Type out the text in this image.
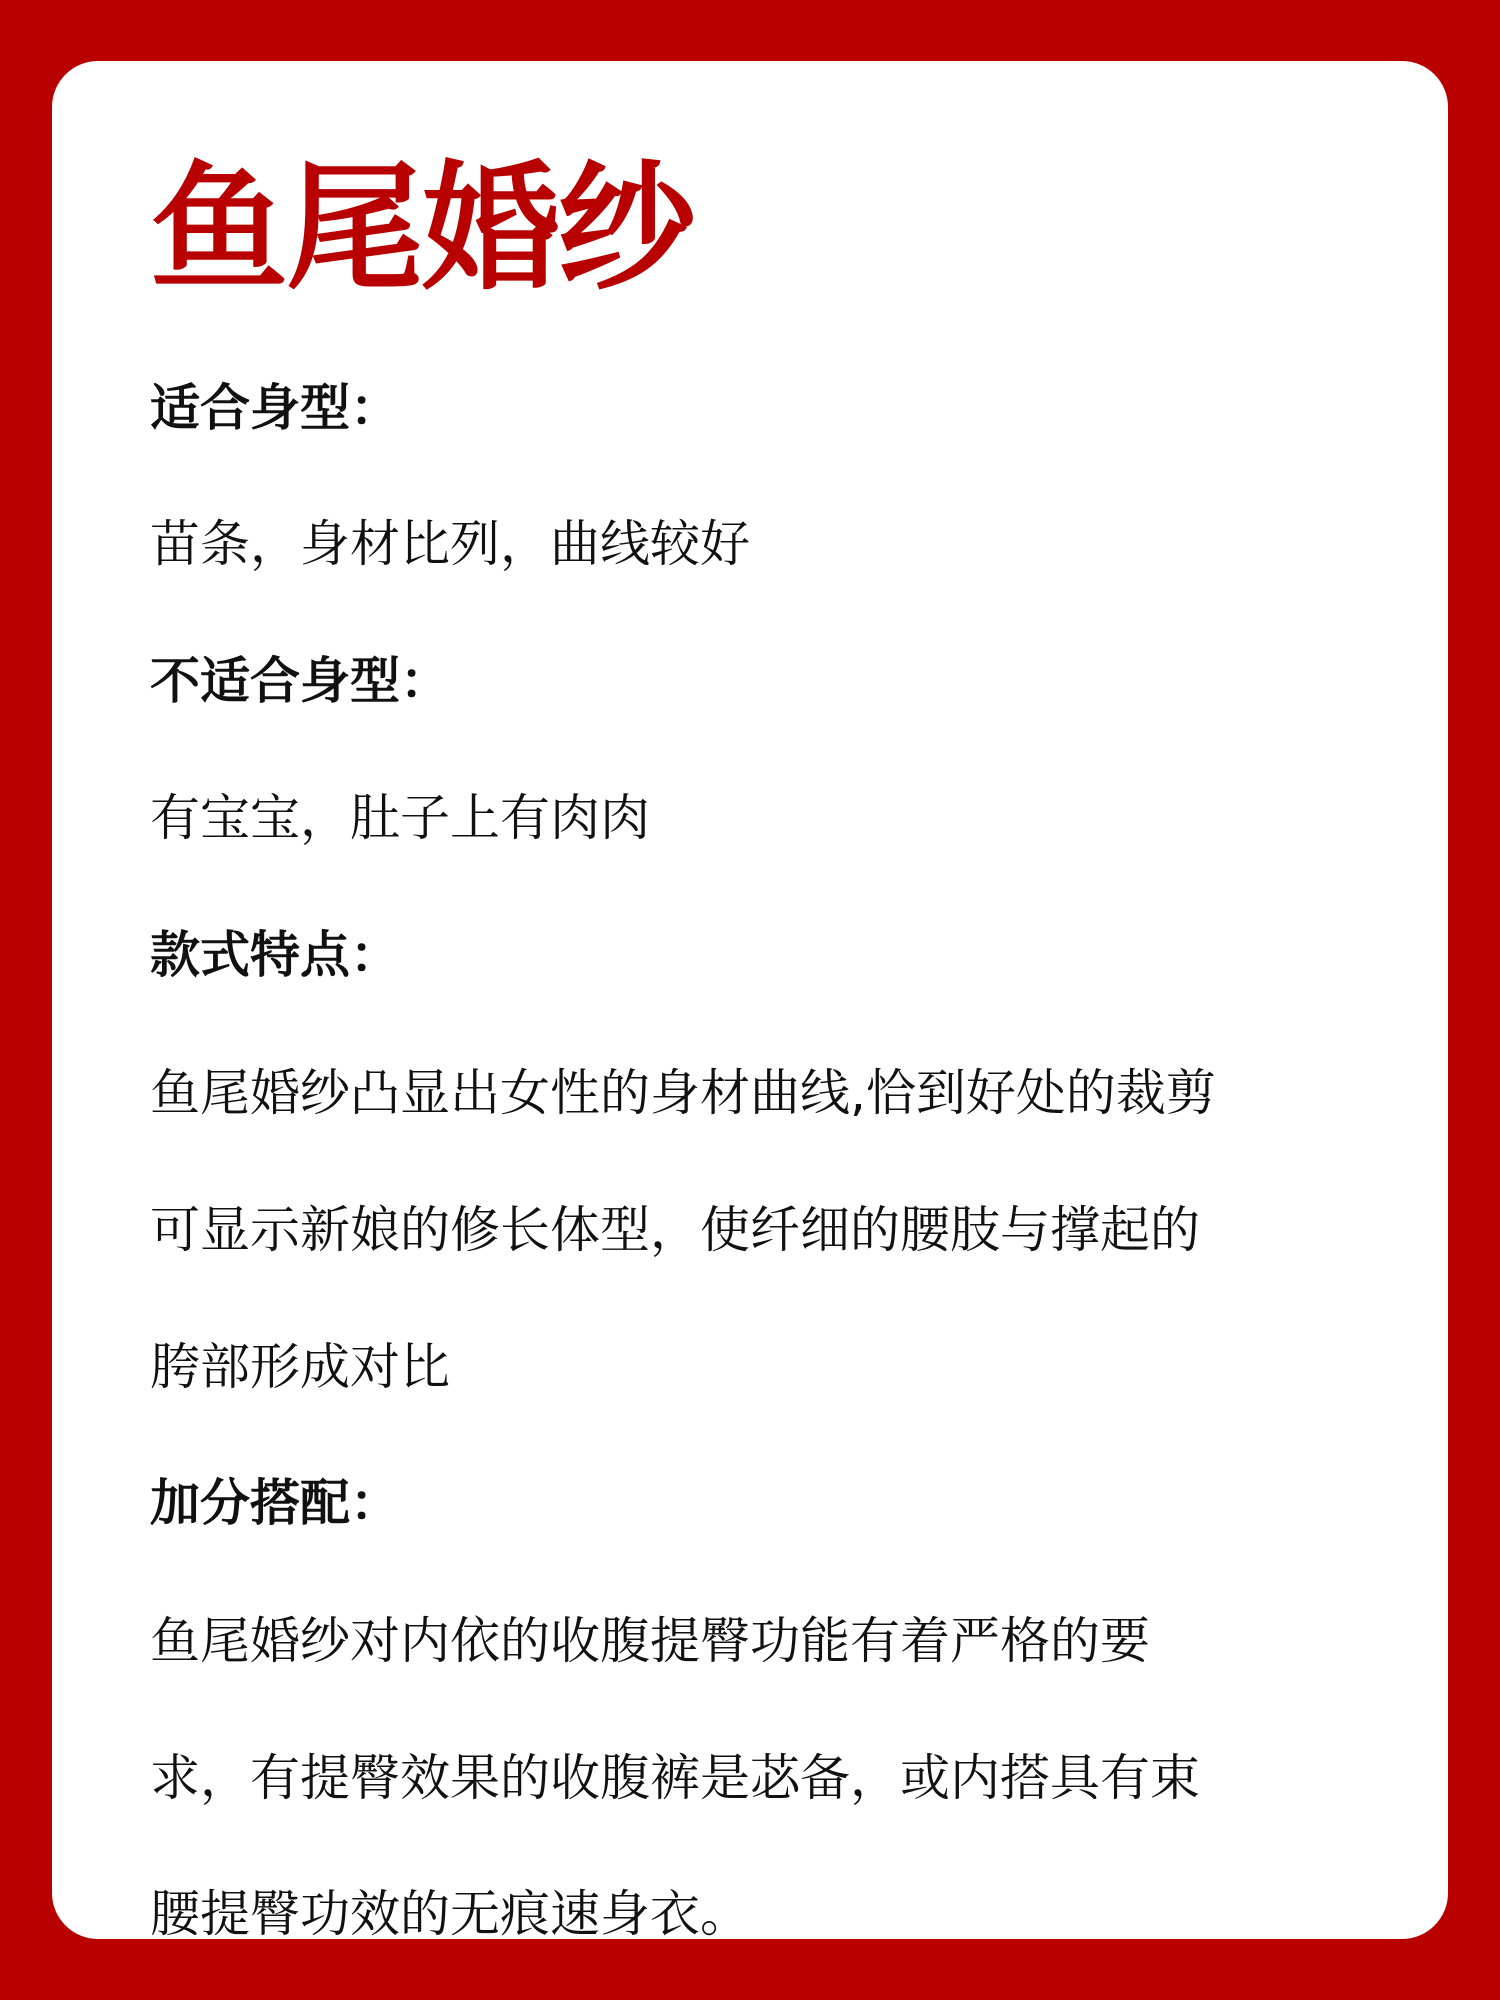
鱼尾婚纱
适合身型：

苗条，身材比列，曲线较好

不适合身型：

有宝宝，肚子上有肉肉

款式特点：

鱼尾婚纱凸显出女性的身材曲线,恰到好处的裁剪

可显示新娘的修长体型，使纤细的腰肢与撑起的

胯部形成对比

加分搭配：

鱼尾婚纱对内依的收腹提臀功能有着严格的要

求，有提臀效果的收腹裤是苾备，或内搭具有束

腰提臀功效的无痕速身衣。
